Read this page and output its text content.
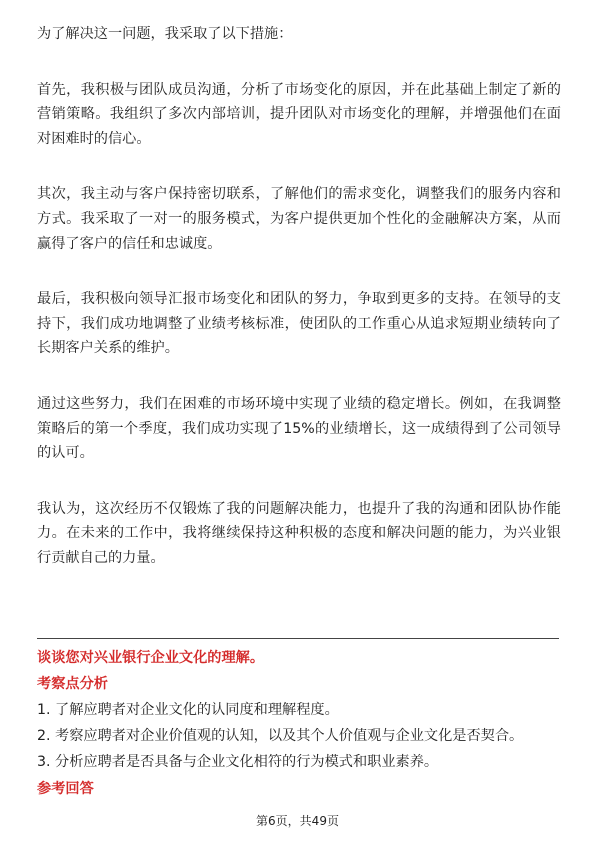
为了解决这一问题，我采取了以下措施：

首先，我积极与团队成员沟通，分析了市场变化的原因，并在此基础上制定了新的营销策略。我组织了多次内部培训，提升团队对市场变化的理解，并增强他们在面对困难时的信心。

其次，我主动与客户保持密切联系，了解他们的需求变化，调整我们的服务内容和方式。我采取了一对一的服务模式，为客户提供更加个性化的金融解决方案，从而赢得了客户的信任和忠诚度。

最后，我积极向领导汇报市场变化和团队的努力，争取到更多的支持。在领导的支持下，我们成功地调整了业绩考核标准，使团队的工作重心从追求短期业绩转向了长期客户关系的维护。

通过这些努力，我们在困难的市场环境中实现了业绩的稳定增长。例如，在我调整策略后的第一个季度，我们成功实现了15%的业绩增长，这一成绩得到了公司领导的认可。

我认为，这次经历不仅锻炼了我的问题解决能力，也提升了我的沟通和团队协作能力。在未来的工作中，我将继续保持这种积极的态度和解决问题的能力，为兴业银行贡献自己的力量。

谈谈您对兴业银行企业文化的理解。

考察点分析

1. 了解应聘者对企业文化的认同度和理解程度。

2. 考察应聘者对企业价值观的认知，以及其个人价值观与企业文化是否契合。

3. 分析应聘者是否具备与企业文化相符的行为模式和职业素养。

参考回答

第6页，共49页
